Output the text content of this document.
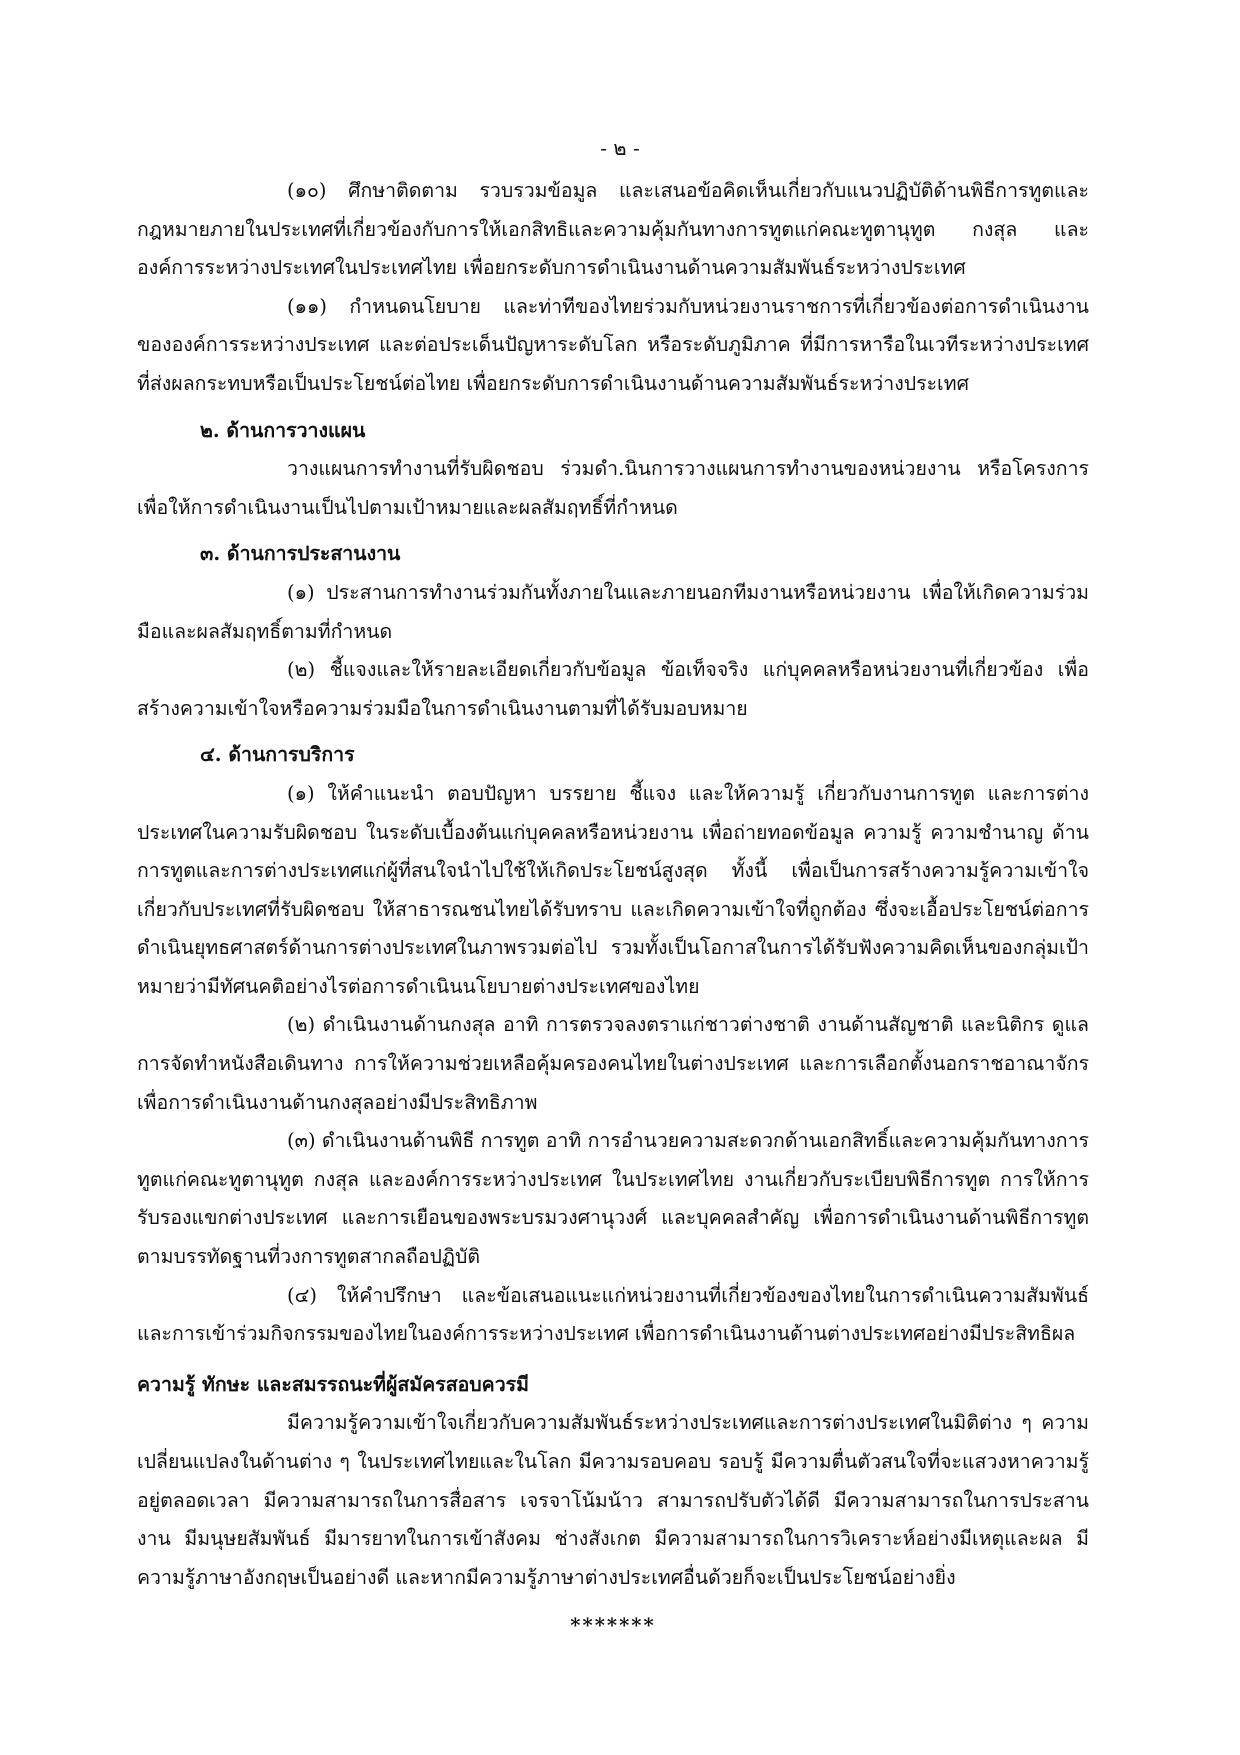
- ๒ -

(๑๐) ศึกษาติดตาม รวบรวมข้อมูล และเสนอข้อคิดเห็นเกี่ยวกับแนวปฏิบัติด้านพิธีการทูตและกฎหมายภายในประเทศที่เกี่ยวข้องกับการให้เอกสิทธิและความคุ้มกันทางการทูตแก่คณะทูตานุทูต กงสุล และองค์การระหว่างประเทศในประเทศไทย เพื่อยกระดับการดำเนินงานด้านความสัมพันธ์ระหว่างประเทศ

(๑๑) กำหนดนโยบาย และท่าทีของไทยร่วมกับหน่วยงานราชการที่เกี่ยวข้องต่อการดำเนินงานขององค์การระหว่างประเทศ และต่อประเด็นปัญหาระดับโลก หรือระดับภูมิภาค ที่มีการหารือในเวทีระหว่างประเทศที่ส่งผลกระทบหรือเป็นประโยชน์ต่อไทย เพื่อยกระดับการดำเนินงานด้านความสัมพันธ์ระหว่างประเทศ

๒. ด้านการวางแผน

วางแผนการทำงานที่รับผิดชอบ ร่วมดำ.นินการวางแผนการทำงานของหน่วยงาน หรือโครงการ เพื่อให้การดำเนินงานเป็นไปตามเป้าหมายและผลสัมฤทธิ์ที่กำหนด

๓. ด้านการประสานงาน

(๑) ประสานการทำงานร่วมกันทั้งภายในและภายนอกทีมงานหรือหน่วยงาน เพื่อให้เกิดความร่วมมือและผลสัมฤทธิ์ตามที่กำหนด

(๒) ชี้แจงและให้รายละเอียดเกี่ยวกับข้อมูล ข้อเท็จจริง แก่บุคคลหรือหน่วยงานที่เกี่ยวข้อง เพื่อสร้างความเข้าใจหรือความร่วมมือในการดำเนินงานตามที่ได้รับมอบหมาย

๔. ด้านการบริการ

(๑) ให้คำแนะนำ ตอบปัญหา บรรยาย ชี้แจง และให้ความรู้ เกี่ยวกับงานการทูต และการต่างประเทศในความรับผิดชอบ ในระดับเบื้องต้นแก่บุคคลหรือหน่วยงาน เพื่อถ่ายทอดข้อมูล ความรู้ ความชำนาญ ด้านการทูตและการต่างประเทศแก่ผู้ที่สนใจนำไปใช้ให้เกิดประโยชน์สูงสุด ทั้งนี้ เพื่อเป็นการสร้างความรู้ความเข้าใจเกี่ยวกับประเทศที่รับผิดชอบ ให้สาธารณชนไทยได้รับทราบ และเกิดความเข้าใจที่ถูกต้อง ซึ่งจะเอื้อประโยชน์ต่อการดำเนินยุทธศาสตร์ด้านการต่างประเทศในภาพรวมต่อไป รวมทั้งเป็นโอกาสในการได้รับฟังความคิดเห็นของกลุ่มเป้าหมายว่ามีทัศนคติอย่างไรต่อการดำเนินนโยบายต่างประเทศของไทย

(๒) ดำเนินงานด้านกงสุล อาทิ การตรวจลงตราแก่ชาวต่างชาติ งานด้านสัญชาติ และนิติกร ดูแลการจัดทำหนังสือเดินทาง การให้ความช่วยเหลือคุ้มครองคนไทยในต่างประเทศ และการเลือกตั้งนอกราชอาณาจักร เพื่อการดำเนินงานด้านกงสุลอย่างมีประสิทธิภาพ

(๓) ดำเนินงานด้านพิธี การทูต อาทิ การอำนวยความสะดวกด้านเอกสิทธิ์และความคุ้มกันทางการทูตแก่คณะทูตานุทูต กงสุล และองค์การระหว่างประเทศ ในประเทศไทย งานเกี่ยวกับระเบียบพิธีการทูต การให้การรับรองแขกต่างประเทศ และการเยือนของพระบรมวงศานุวงศ์ และบุคคลสำคัญ เพื่อการดำเนินงานด้านพิธีการทูตตามบรรทัดฐานที่วงการทูตสากลถือปฏิบัติ

(๔) ให้คำปรึกษา และข้อเสนอแนะแก่หน่วยงานที่เกี่ยวข้องของไทยในการดำเนินความสัมพันธ์และการเข้าร่วมกิจกรรมของไทยในองค์การระหว่างประเทศ เพื่อการดำเนินงานด้านต่างประเทศอย่างมีประสิทธิผล

ความรู้ ทักษะ และสมรรถนะที่ผู้สมัครสอบควรมี

มีความรู้ความเข้าใจเกี่ยวกับความสัมพันธ์ระหว่างประเทศและการต่างประเทศในมิติต่าง ๆ ความเปลี่ยนแปลงในด้านต่าง ๆ ในประเทศไทยและในโลก มีความรอบคอบ รอบรู้ มีความตื่นตัวสนใจที่จะแสวงหาความรู้อยู่ตลอดเวลา มีความสามารถในการสื่อสาร เจรจาโน้มน้าว สามารถปรับตัวได้ดี มีความสามารถในการประสานงาน มีมนุษยสัมพันธ์ มีมารยาทในการเข้าสังคม ช่างสังเกต มีความสามารถในการวิเคราะห์อย่างมีเหตุและผล มีความรู้ภาษาอังกฤษเป็นอย่างดี และหากมีความรู้ภาษาต่างประเทศอื่นด้วยก็จะเป็นประโยชน์อย่างยิ่ง

*******
